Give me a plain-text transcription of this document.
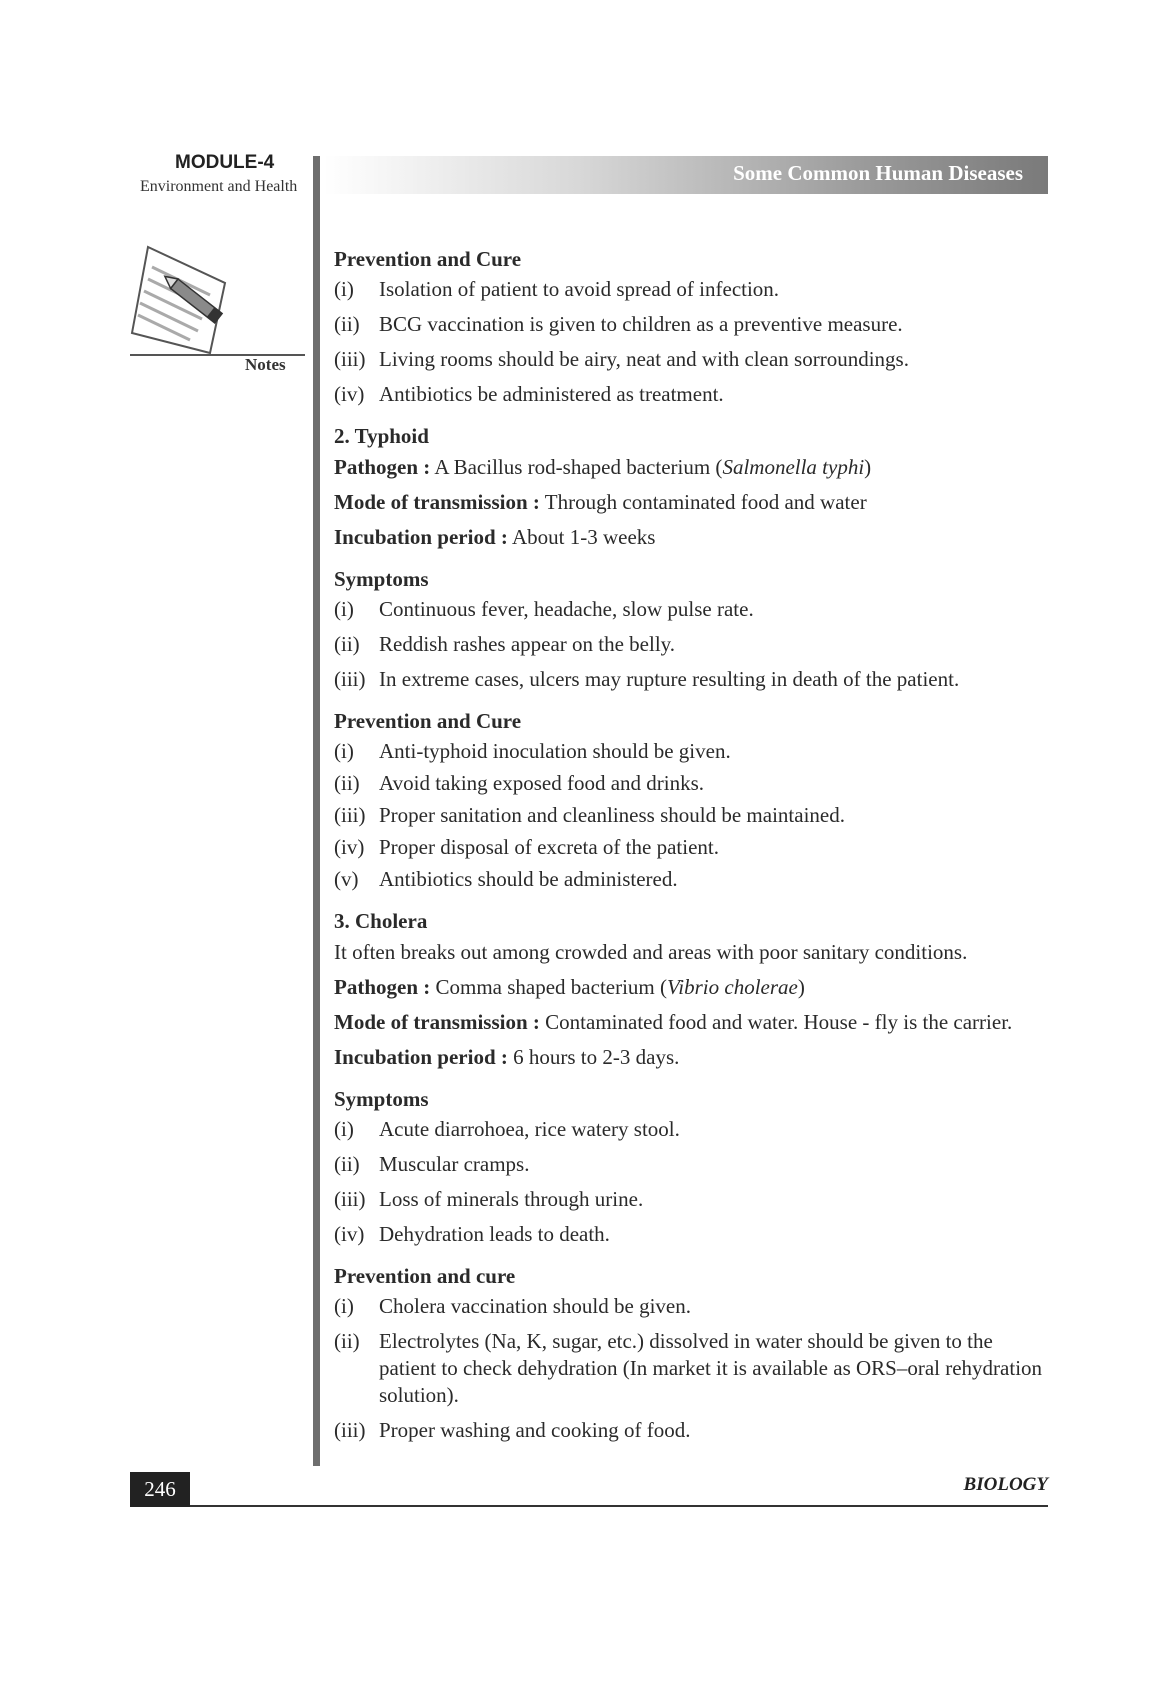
MODULE-4
Environment and Health
Notes
Some Common Human Diseases
Prevention and Cure
(i) Isolation of patient to avoid spread of infection.
(ii) BCG vaccination is given to children as a preventive measure.
(iii) Living rooms should be airy, neat and with clean sorroundings.
(iv) Antibiotics be administered as treatment.
2. Typhoid
Pathogen : A Bacillus rod-shaped bacterium (Salmonella typhi)
Mode of transmission : Through contaminated food and water
Incubation period : About 1-3 weeks
Symptoms
(i) Continuous fever, headache, slow pulse rate.
(ii) Reddish rashes appear on the belly.
(iii) In extreme cases, ulcers may rupture resulting in death of the patient.
Prevention and Cure
(i) Anti-typhoid inoculation should be given.
(ii) Avoid taking exposed food and drinks.
(iii) Proper sanitation and cleanliness should be maintained.
(iv) Proper disposal of excreta of the patient.
(v) Antibiotics should be administered.
3. Cholera
It often breaks out among crowded and areas with poor sanitary conditions.
Pathogen : Comma shaped bacterium (Vibrio cholerae)
Mode of transmission : Contaminated food and water. House - fly is the carrier.
Incubation period : 6 hours to 2-3 days.
Symptoms
(i) Acute diarrohoea, rice watery stool.
(ii) Muscular cramps.
(iii) Loss of minerals through urine.
(iv) Dehydration leads to death.
Prevention and cure
(i) Cholera vaccination should be given.
(ii) Electrolytes (Na, K, sugar, etc.) dissolved in water should be given to the patient to check dehydration (In market it is available as ORS–oral rehydration solution).
(iii) Proper washing and cooking of food.
246	BIOLOGY
